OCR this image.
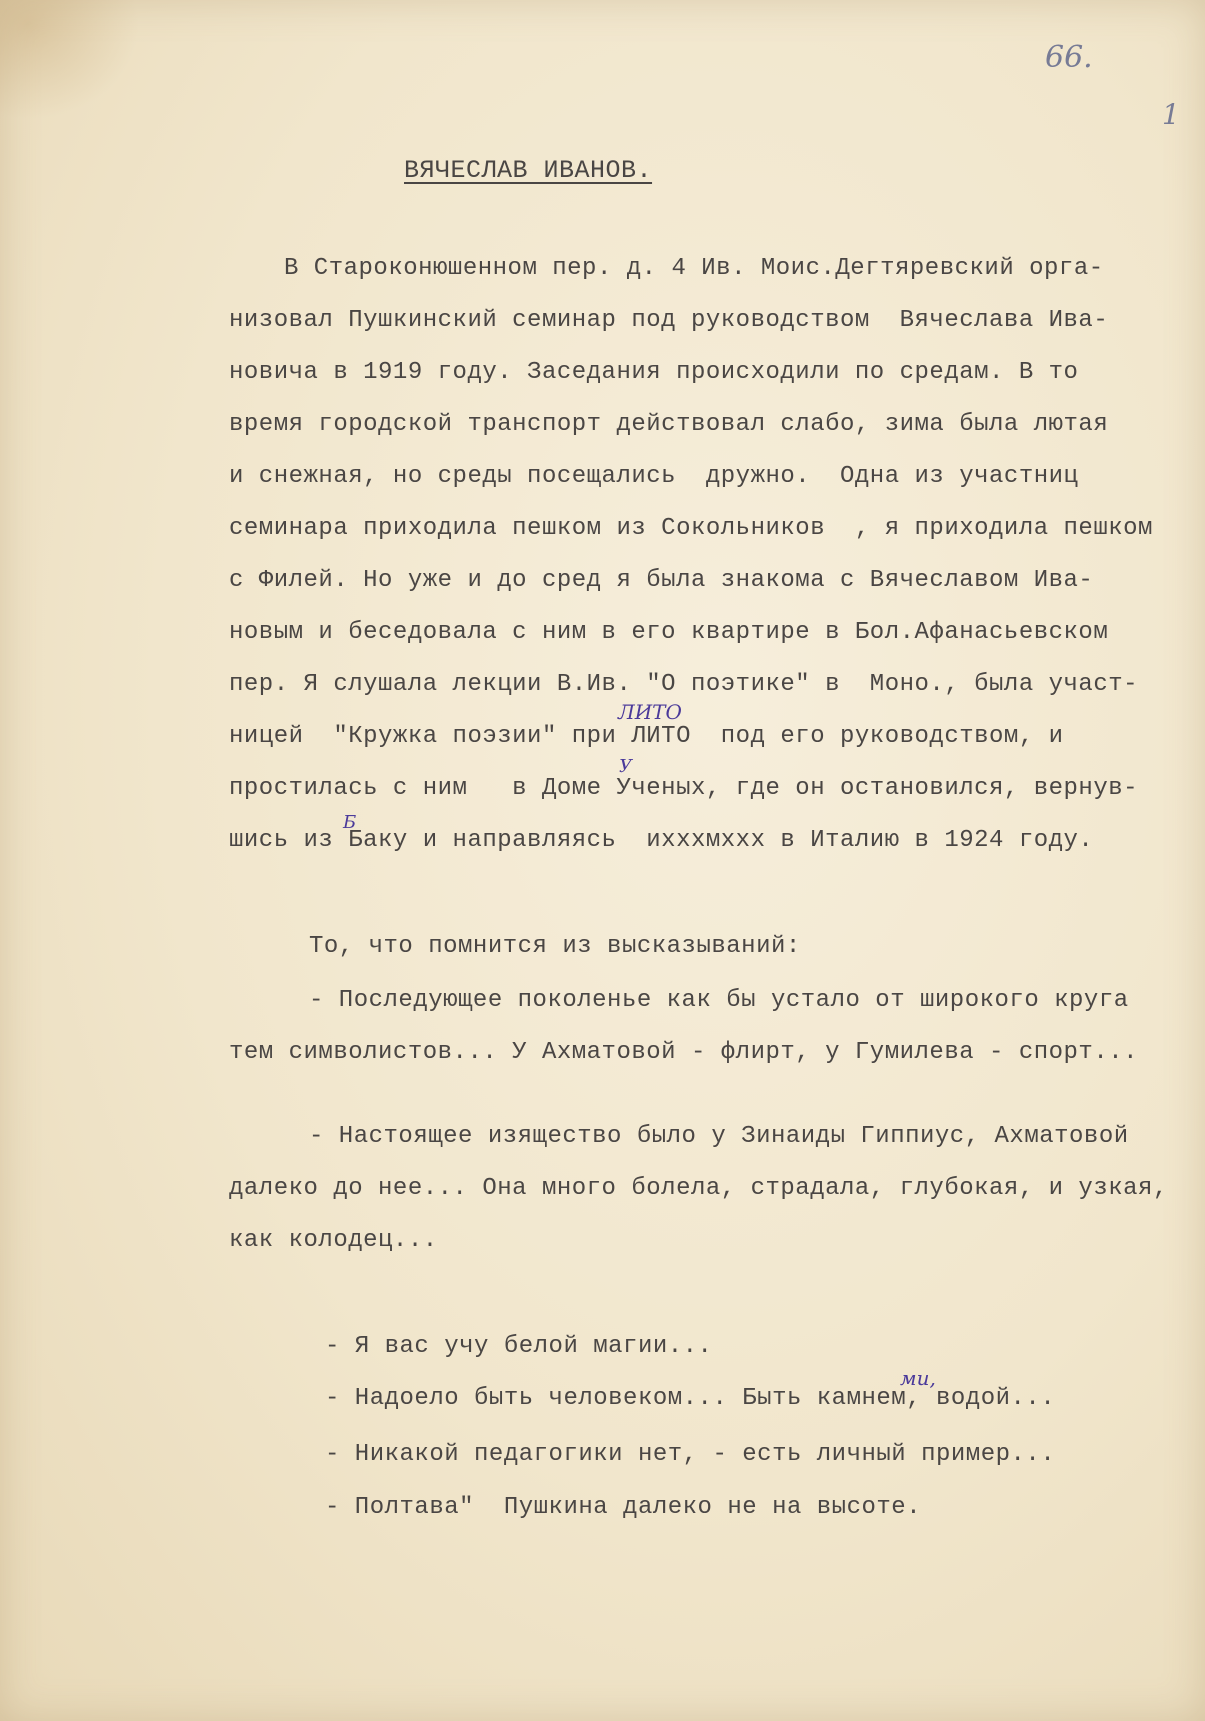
66.
1
ВЯЧЕСЛАВ ИВАНОВ.
В Староконюшенном пер. д. 4 Ив. Моис.Дегтяревский орга-
низовал Пушкинский семинар под руководством  Вячеслава Ива-
новича в 1919 году. Заседания происходили по средам. В то
время городской транспорт действовал слабо, зима была лютая
и снежная, но среды посещались  дружно.  Одна из участниц
семинара приходила пешком из Сокольников  , я приходила пешком
с Филей. Но уже и до сред я была знакома с Вячеславом Ива-
новым и беседовала с ним в его квартире в Бол.Афанасьевском
пер. Я слушала лекции В.Ив. "О поэтике" в  Моно., была участ-
ницей  "Кружка поэзии" при ЛИТО  под его руководством, и
простилась с ним   в Доме Ученых, где он остановился, вернув-
шись из Баку и направляясь  иxxxмxxx в Италию в 1924 году.
ЛИТО
У
Б
То, что помнится из высказываний:
- Последующее поколенье как бы устало от широкого круга
тем символистов... У Ахматовой - флирт, у Гумилева - спорт...
- Настоящее изящество было у Зинаиды Гиппиус, Ахматовой
далеко до нее... Она много болела, страдала, глубокая, и узкая,
как колодец...
- Я вас учу белой магии...
- Надоело быть человеком... Быть камнем, водой...
- Никакой педагогики нет, - есть личный пример...
- Полтава"  Пушкина далеко не на высоте.
ми,
